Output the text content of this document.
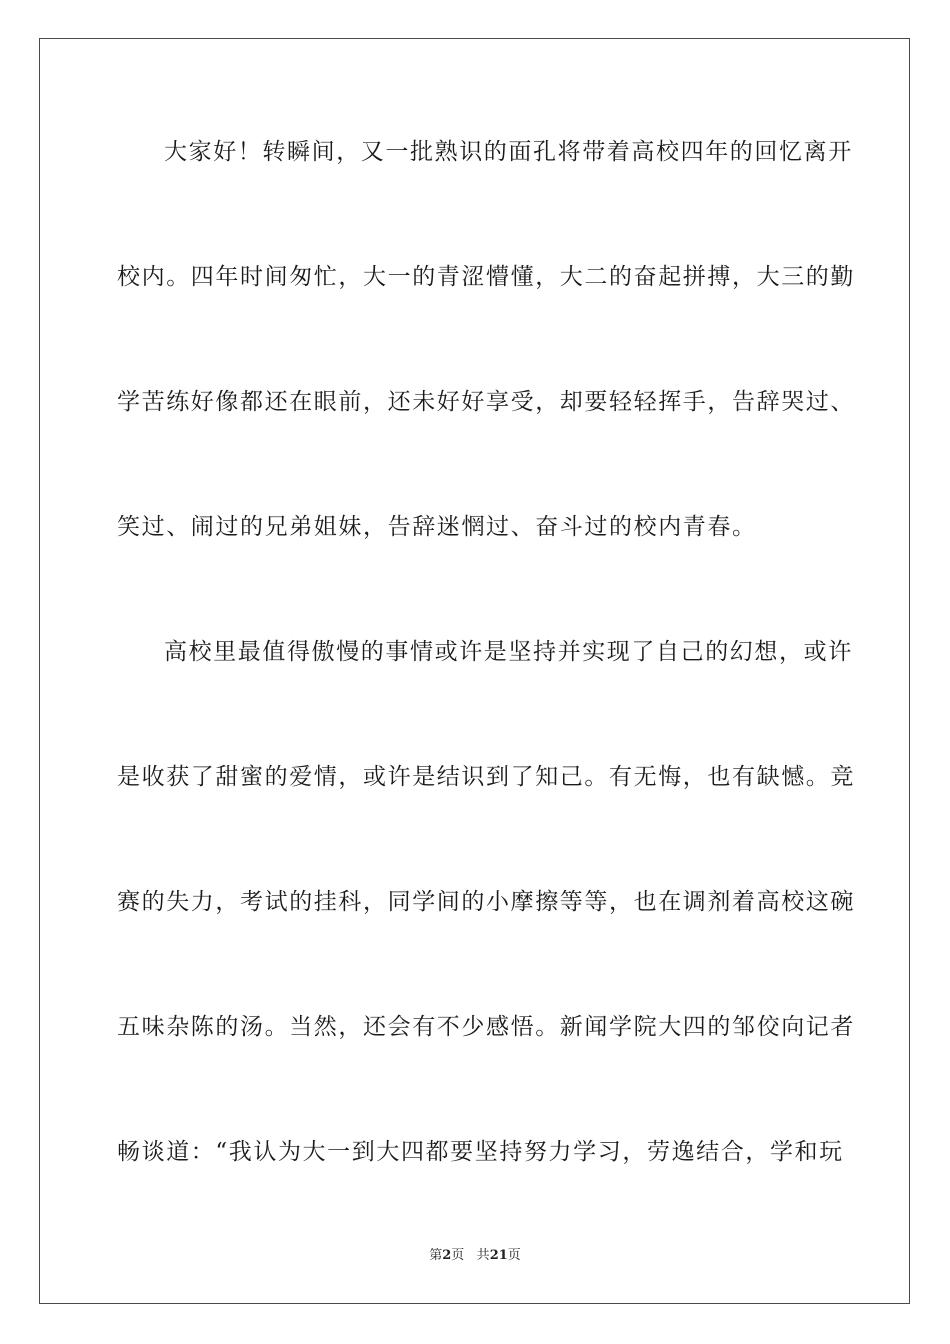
大家好！转瞬间，又一批熟识的面孔将带着高校四年的回忆离开
校内。四年时间匆忙，大一的青涩懵懂，大二的奋起拼搏，大三的勤
学苦练好像都还在眼前，还未好好享受，却要轻轻挥手，告辞哭过、
笑过、闹过的兄弟姐妹，告辞迷惘过、奋斗过的校内青春。
高校里最值得傲慢的事情或许是坚持并实现了自己的幻想，或许
是收获了甜蜜的爱情，或许是结识到了知己。有无悔，也有缺憾。竞
赛的失力，考试的挂科，同学间的小摩擦等等，也在调剂着高校这碗
五味杂陈的汤。当然，还会有不少感悟。新闻学院大四的邹佼向记者
畅谈道：“我认为大一到大四都要坚持努力学习，劳逸结合，学和玩
第2页 共21页
